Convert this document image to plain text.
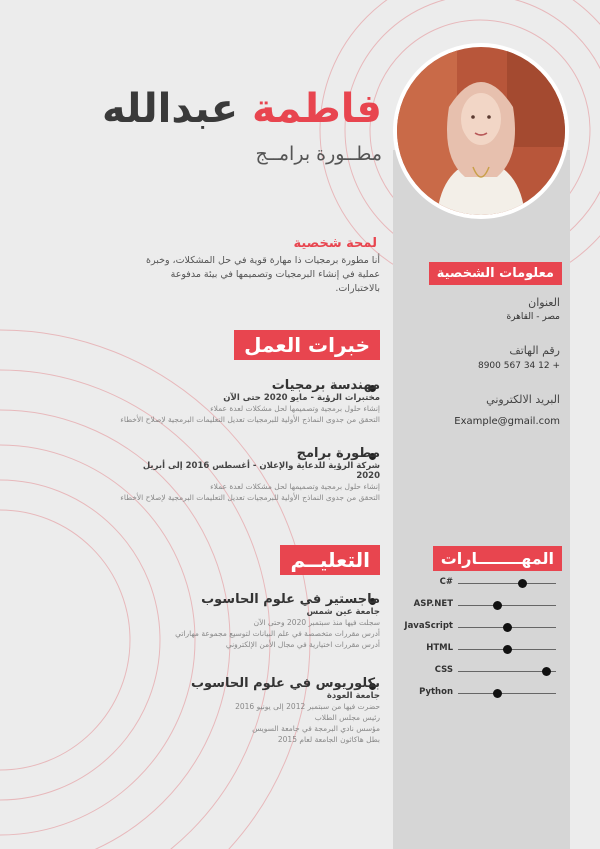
فاطمة عبدالله
مطــورة برامــج
لمحة شخصية
أنا مطورة برمجيات ذا مهارة قوية في حل المشكلات، وخبرة عملية في إنشاء البرمجيات وتصميمها في بيئة مدفوعة بالاختبارات.
معلومات الشخصية
العنوان
مصر - القاهرة
رقم الهاتف
+ 12 34 567 8900
البريد الالكتروني
Example@gmail.com
خبرات العمل
مهندسة برمجيات
مختبرات الرؤية - مايو 2020 حتى الآن
إنشاء حلول برمجية وتصميمها لحل مشكلات لعدة عملاء
التحقق من جدوى النماذج الأولية للبرمجيات تعديل التعليمات البرمجية لإصلاح الأخطاء
مطورة برامج
شركة الرؤية للدعاية والإعلان - أغسطس 2016 إلى أبريل 2020
إنشاء حلول برمجية وتصميمها لحل مشكلات لعدة عملاء
التحقق من جدوى النماذج الأولية للبرمجيات تعديل التعليمات البرمجية لإصلاح الأخطاء
التعليــم
ماجستير في علوم الحاسوب
جامعة عين شمس
سجلت فيها منذ سبتمبر 2020 وحتى الآن
أدرس مقررات متخصصة في علم البيانات لتوسيع مجموعة مهاراتي
أدرس مقررات اختيارية في مجال الأمن الإلكتروني
بكلوريوس في علوم الحاسوب
جامعة العودة
حضرت فيها من سبتمبر 2012 إلى يونيو 2016
رئيس مجلس الطلاب
مؤسس نادي البرمجة في جامعة السويس
بطل هاكاثون الجامعة لعام 2015
المهــــــــارات
C#
ASP.NET
JavaScript
HTML
CSS
Python
